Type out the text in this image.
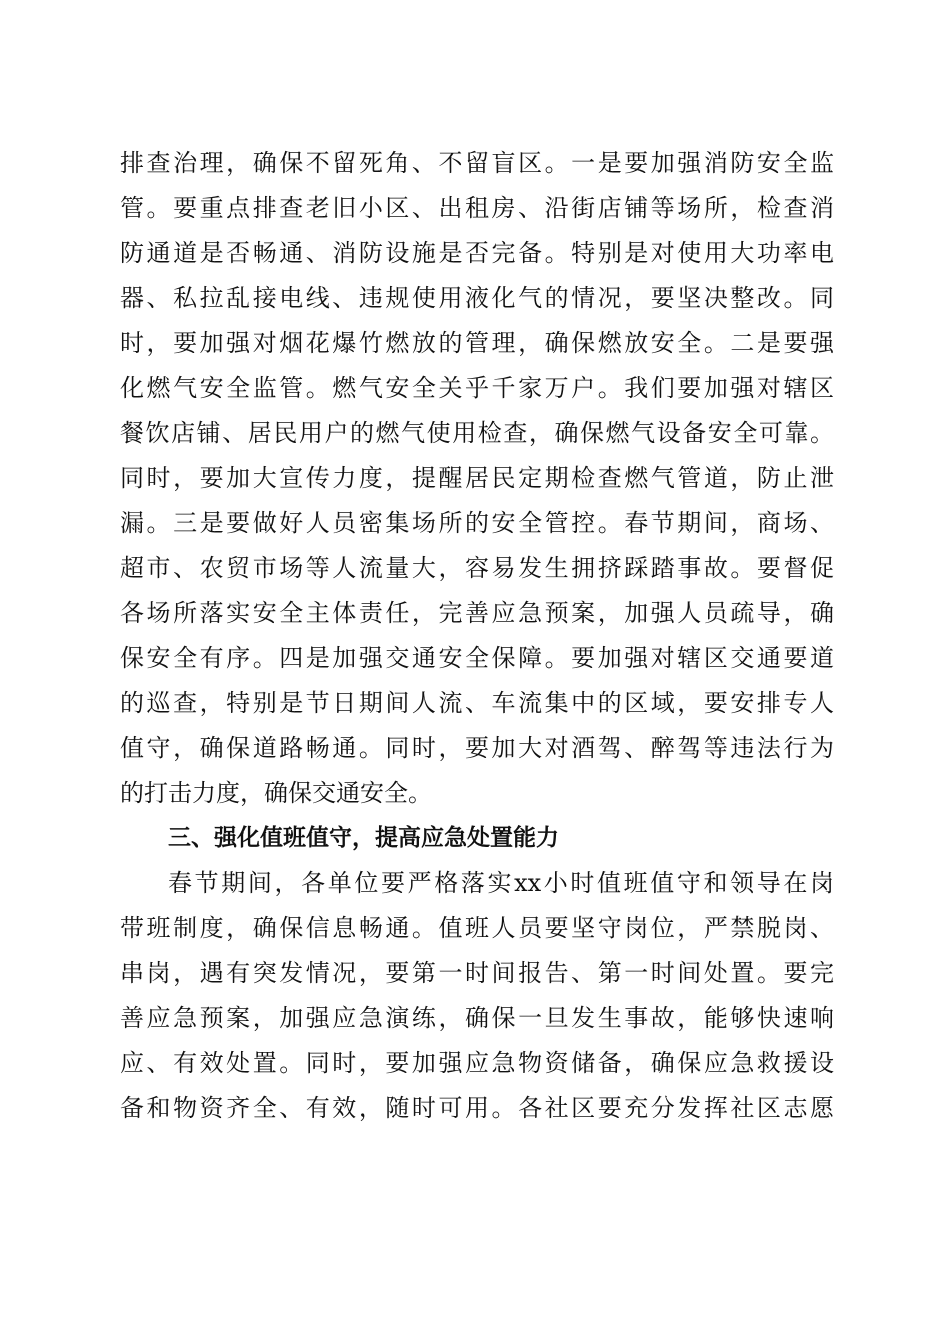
排查治理，确保不留死角、不留盲区。一是要加强消防安全监
管。要重点排查老旧小区、出租房、沿街店铺等场所，检查消
防通道是否畅通、消防设施是否完备。特别是对使用大功率电
器、私拉乱接电线、违规使用液化气的情况，要坚决整改。同
时，要加强对烟花爆竹燃放的管理，确保燃放安全。二是要强
化燃气安全监管。燃气安全关乎千家万户。我们要加强对辖区
餐饮店铺、居民用户的燃气使用检查，确保燃气设备安全可靠。
同时，要加大宣传力度，提醒居民定期检查燃气管道，防止泄
漏。三是要做好人员密集场所的安全管控。春节期间，商场、
超市、农贸市场等人流量大，容易发生拥挤踩踏事故。要督促
各场所落实安全主体责任，完善应急预案，加强人员疏导，确
保安全有序。四是加强交通安全保障。要加强对辖区交通要道
的巡查，特别是节日期间人流、车流集中的区域，要安排专人
值守，确保道路畅通。同时，要加大对酒驾、醉驾等违法行为
的打击力度，确保交通安全。
三、强化值班值守，提高应急处置能力
春节期间，各单位要严格落实xx小时值班值守和领导在岗
带班制度，确保信息畅通。值班人员要坚守岗位，严禁脱岗、
串岗，遇有突发情况，要第一时间报告、第一时间处置。要完
善应急预案，加强应急演练，确保一旦发生事故，能够快速响
应、有效处置。同时，要加强应急物资储备，确保应急救援设
备和物资齐全、有效，随时可用。各社区要充分发挥社区志愿
